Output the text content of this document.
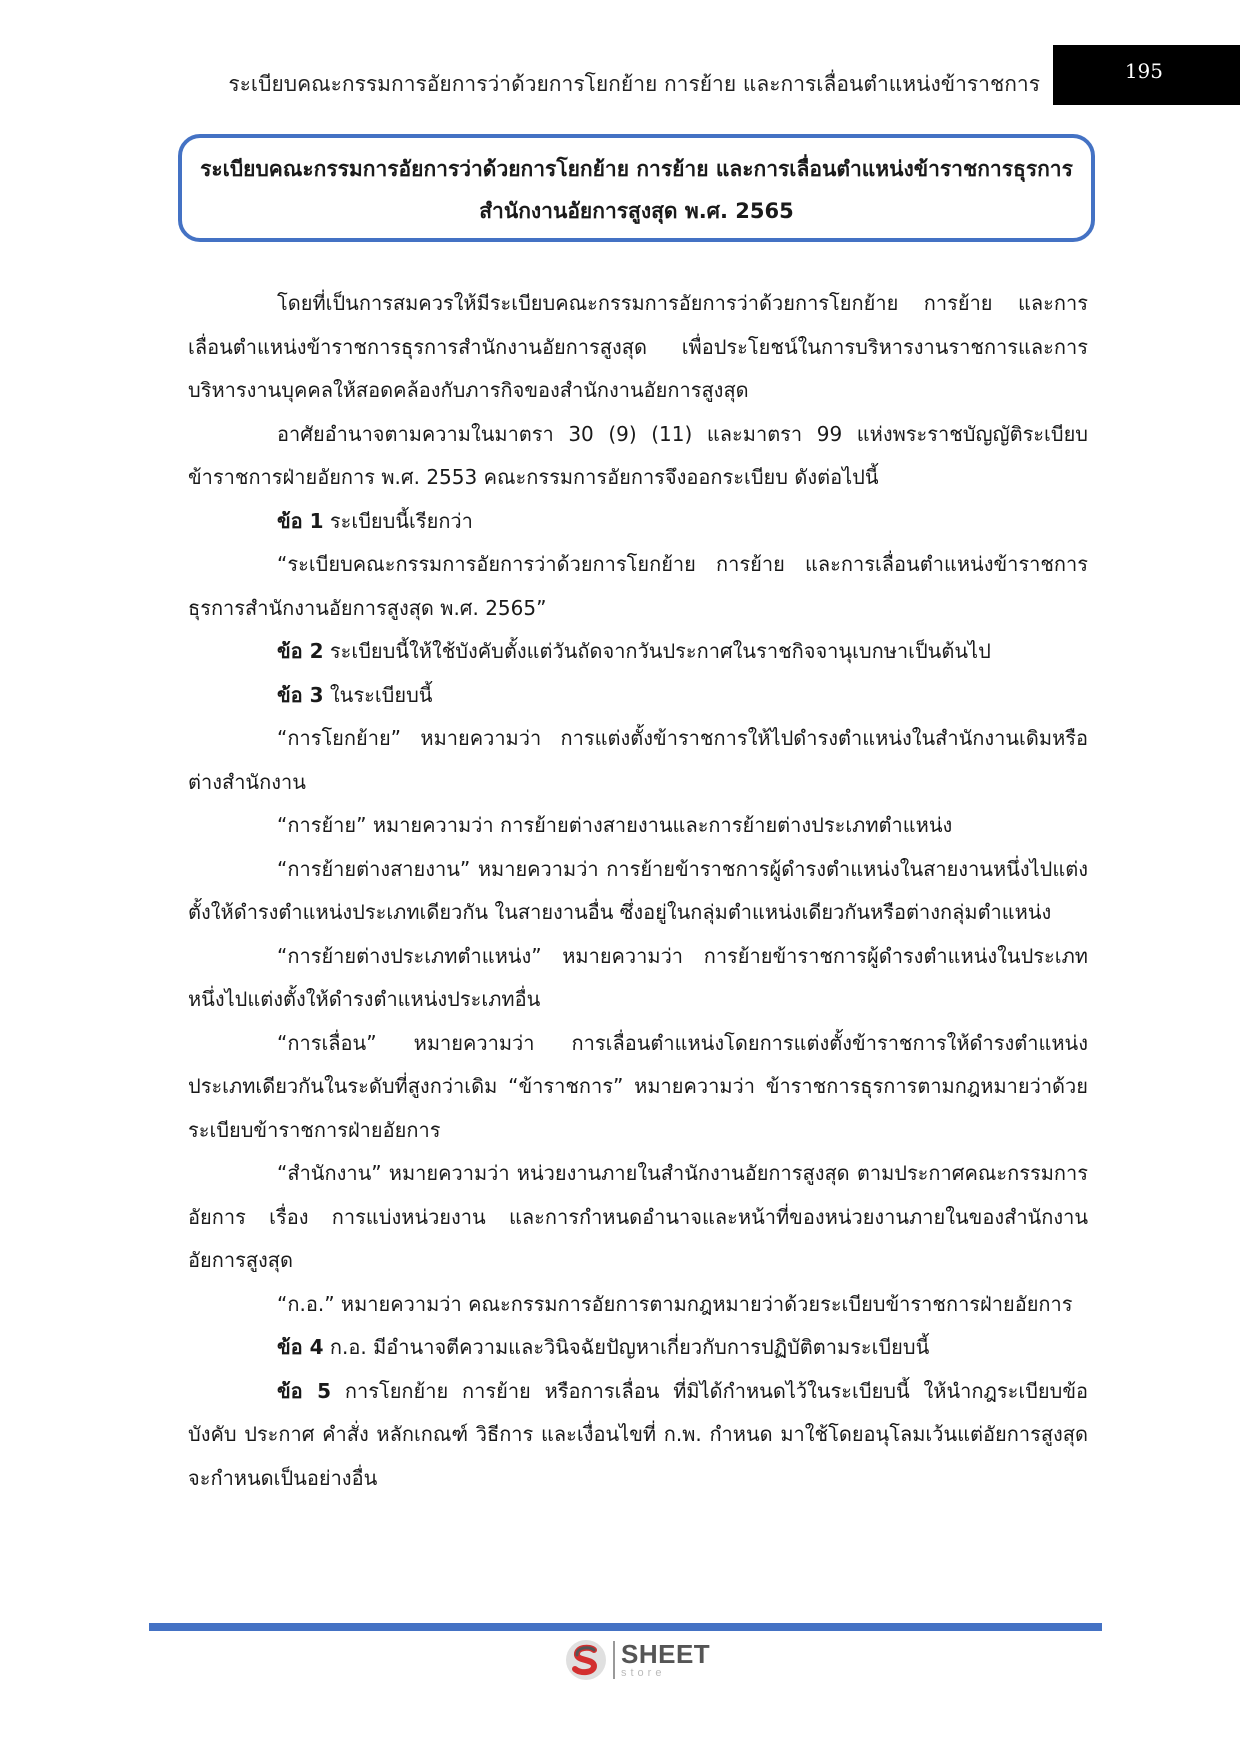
ระเบียบคณะกรรมการอัยการว่าด้วยการโยกย้าย การย้าย และการเลื่อนตำแหน่งข้าราชการ
195
ระเบียบคณะกรรมการอัยการว่าด้วยการโยกย้าย การย้าย และการเลื่อนตำแหน่งข้าราชการธุรการ
สำนักงานอัยการสูงสุด พ.ศ. 2565

โดยที่เป็นการสมควรให้มีระเบียบคณะกรรมการอัยการว่าด้วยการโยกย้าย การย้าย และการเลื่อนตำแหน่งข้าราชการธุรการสำนักงานอัยการสูงสุด เพื่อประโยชน์ในการบริหารงานราชการและการบริหารงานบุคคลให้สอดคล้องกับภารกิจของสำนักงานอัยการสูงสุด

อาศัยอำนาจตามความในมาตรา 30 (9) (11) และมาตรา 99 แห่งพระราชบัญญัติระเบียบข้าราชการฝ่ายอัยการ พ.ศ. 2553 คณะกรรมการอัยการจึงออกระเบียบ ดังต่อไปนี้

ข้อ 1 ระเบียบนี้เรียกว่า

“ระเบียบคณะกรรมการอัยการว่าด้วยการโยกย้าย การย้าย และการเลื่อนตำแหน่งข้าราชการธุรการสำนักงานอัยการสูงสุด พ.ศ. 2565”

ข้อ 2 ระเบียบนี้ให้ใช้บังคับตั้งแต่วันถัดจากวันประกาศในราชกิจจานุเบกษาเป็นต้นไป

ข้อ 3 ในระเบียบนี้

“การโยกย้าย” หมายความว่า การแต่งตั้งข้าราชการให้ไปดำรงตำแหน่งในสำนักงานเดิมหรือต่างสำนักงาน

“การย้าย” หมายความว่า การย้ายต่างสายงานและการย้ายต่างประเภทตำแหน่ง

“การย้ายต่างสายงาน” หมายความว่า การย้ายข้าราชการผู้ดำรงตำแหน่งในสายงานหนึ่งไปแต่งตั้งให้ดำรงตำแหน่งประเภทเดียวกัน ในสายงานอื่น ซึ่งอยู่ในกลุ่มตำแหน่งเดียวกันหรือต่างกลุ่มตำแหน่ง

“การย้ายต่างประเภทตำแหน่ง” หมายความว่า การย้ายข้าราชการผู้ดำรงตำแหน่งในประเภทหนึ่งไปแต่งตั้งให้ดำรงตำแหน่งประเภทอื่น

“การเลื่อน” หมายความว่า การเลื่อนตำแหน่งโดยการแต่งตั้งข้าราชการให้ดำรงตำแหน่งประเภทเดียวกันในระดับที่สูงกว่าเดิม “ข้าราชการ” หมายความว่า ข้าราชการธุรการตามกฎหมายว่าด้วยระเบียบข้าราชการฝ่ายอัยการ

“สำนักงาน” หมายความว่า หน่วยงานภายในสำนักงานอัยการสูงสุด ตามประกาศคณะกรรมการอัยการ เรื่อง การแบ่งหน่วยงาน และการกำหนดอำนาจและหน้าที่ของหน่วยงานภายในของสำนักงานอัยการสูงสุด

“ก.อ.” หมายความว่า คณะกรรมการอัยการตามกฎหมายว่าด้วยระเบียบข้าราชการฝ่ายอัยการ

ข้อ 4 ก.อ. มีอำนาจตีความและวินิจฉัยปัญหาเกี่ยวกับการปฏิบัติตามระเบียบนี้

ข้อ 5 การโยกย้าย การย้าย หรือการเลื่อน ที่มิได้กำหนดไว้ในระเบียบนี้ ให้นำกฎระเบียบข้อบังคับ ประกาศ คำสั่ง หลักเกณฑ์ วิธีการ และเงื่อนไขที่ ก.พ. กำหนด มาใช้โดยอนุโลมเว้นแต่อัยการสูงสุดจะกำหนดเป็นอย่างอื่น

SHEET
store
